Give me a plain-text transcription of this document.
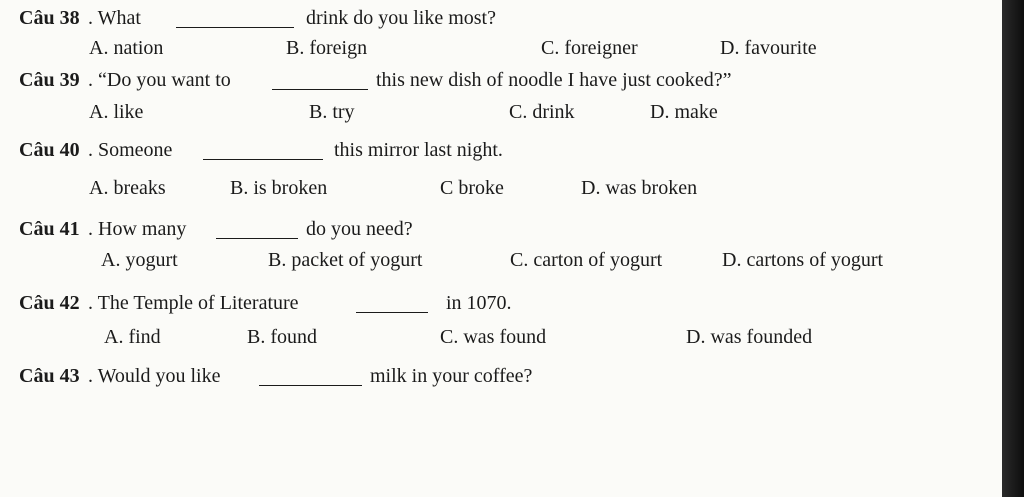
Câu 38 . What	drink do you like most?
A. nation	B. foreign	C. foreigner	D. favourite
Câu 39 . “Do you want to	this new dish of noodle I have just cooked?”
A. like	B. try	C. drink	D. make
Câu 40 . Someone	this mirror last night.
A. breaks	B. is broken	C broke	D. was broken
Câu 41 . How many	do you need?
A. yogurt	B. packet of yogurt	C. carton of yogurt	D. cartons of yogurt
Câu 42 . The Temple of Literature	in 1070.
A. find	B. found	C. was found	D. was founded
Câu 43 . Would you like	milk in your coffee?
